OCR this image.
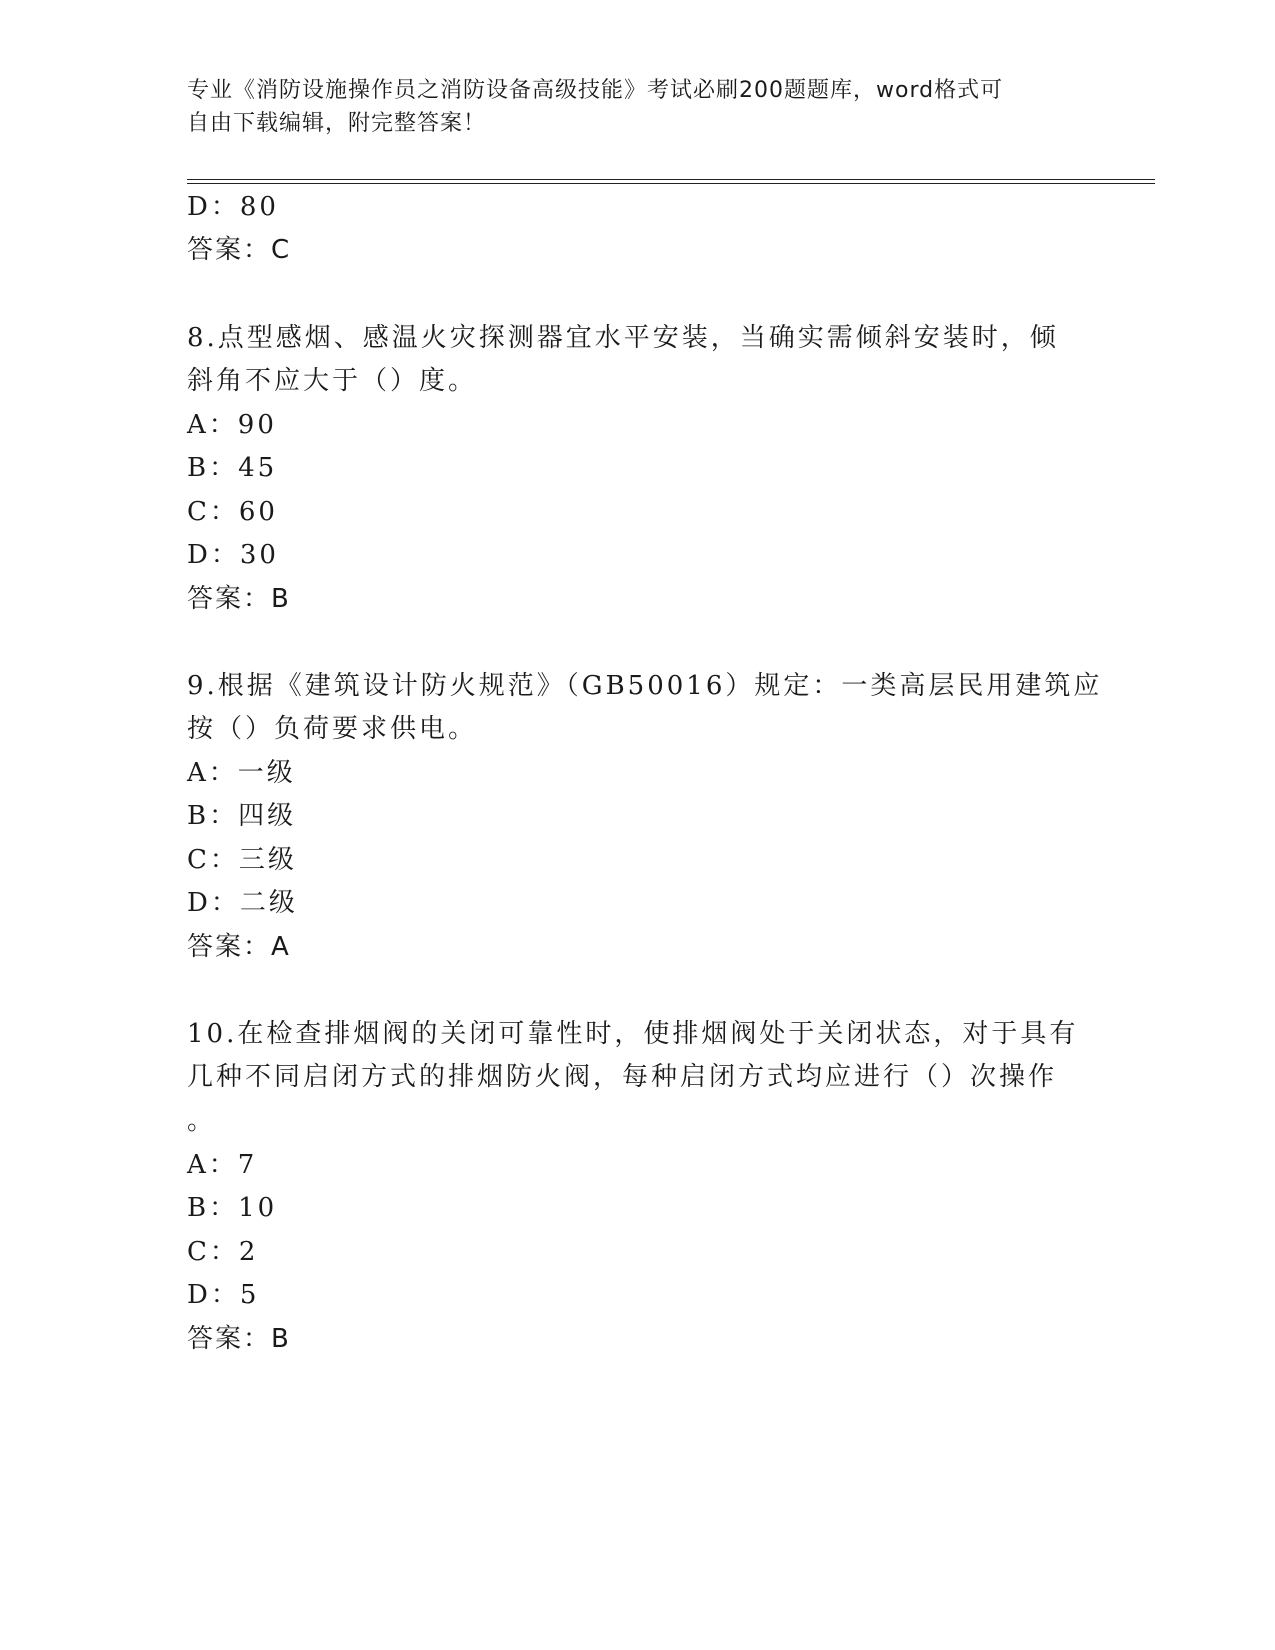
专业《消防设施操作员之消防设备高级技能》考试必刷200题题库，word格式可
自由下载编辑，附完整答案！
D：80
答案：C
8.点型感烟、感温火灾探测器宜水平安装，当确实需倾斜安装时，倾
斜角不应大于（）度。
A：90
B：45
C：60
D：30
答案：B
9.根据《建筑设计防火规范》（GB50016）规定：一类高层民用建筑应
按（）负荷要求供电。
A：一级
B：四级
C：三级
D：二级
答案：A
10.在检查排烟阀的关闭可靠性时，使排烟阀处于关闭状态，对于具有
几种不同启闭方式的排烟防火阀，每种启闭方式均应进行（）次操作
。
A：7
B：10
C：2
D：5
答案：B
